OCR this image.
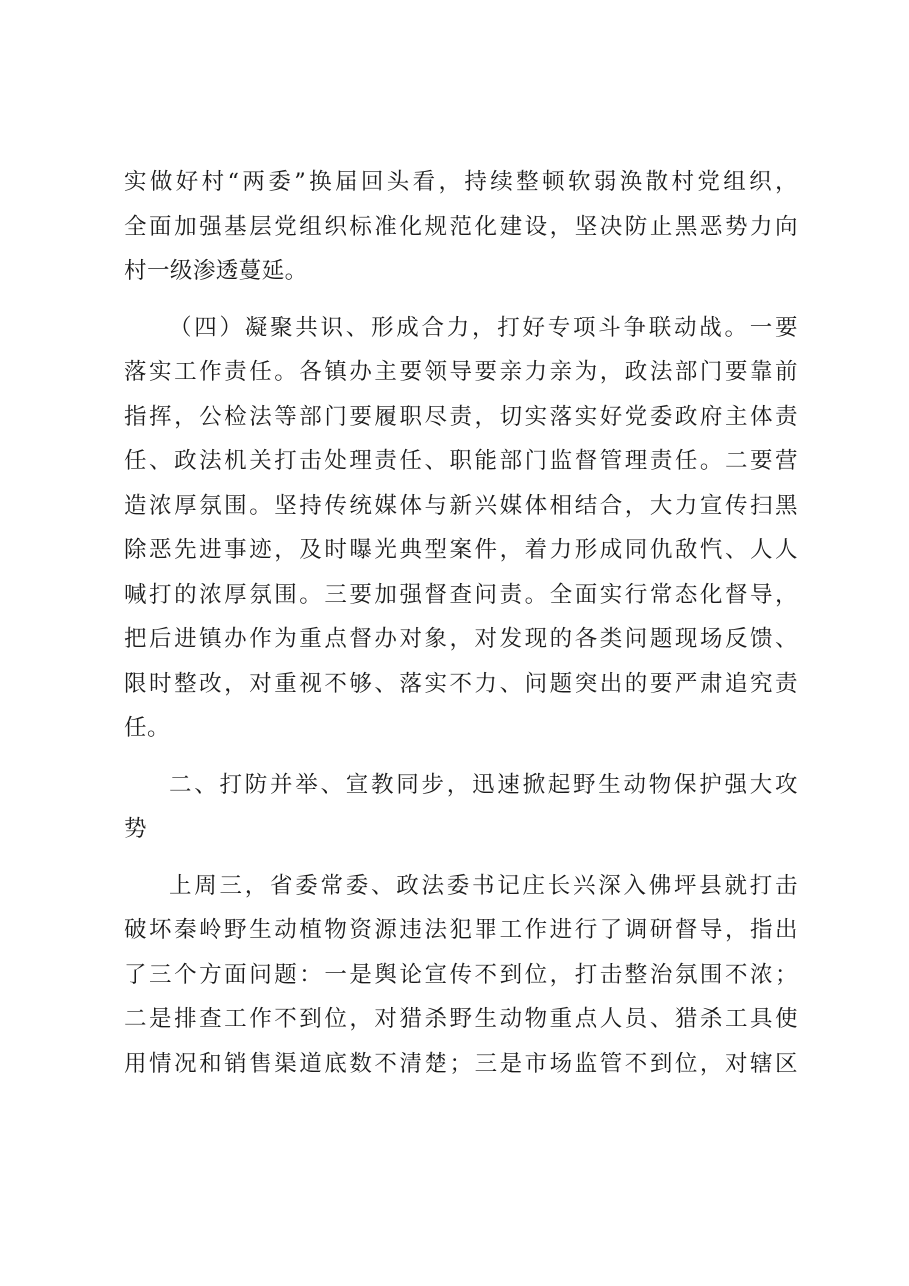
实做好村“两委”换届回头看，持续整顿软弱涣散村党组织，
全面加强基层党组织标准化规范化建设，坚决防止黑恶势力向
村一级渗透蔓延。
（四）凝聚共识、形成合力，打好专项斗争联动战。一要
落实工作责任。各镇办主要领导要亲力亲为，政法部门要靠前
指挥，公检法等部门要履职尽责，切实落实好党委政府主体责
任、政法机关打击处理责任、职能部门监督管理责任。二要营
造浓厚氛围。坚持传统媒体与新兴媒体相结合，大力宣传扫黑
除恶先进事迹，及时曝光典型案件，着力形成同仇敌忾、人人
喊打的浓厚氛围。三要加强督查问责。全面实行常态化督导，
把后进镇办作为重点督办对象，对发现的各类问题现场反馈、
限时整改，对重视不够、落实不力、问题突出的要严肃追究责
任。
二、打防并举、宣教同步，迅速掀起野生动物保护强大攻
势
上周三，省委常委、政法委书记庄长兴深入佛坪县就打击
破坏秦岭野生动植物资源违法犯罪工作进行了调研督导，指出
了三个方面问题：一是舆论宣传不到位，打击整治氛围不浓；
二是排查工作不到位，对猎杀野生动物重点人员、猎杀工具使
用情况和销售渠道底数不清楚；三是市场监管不到位，对辖区
